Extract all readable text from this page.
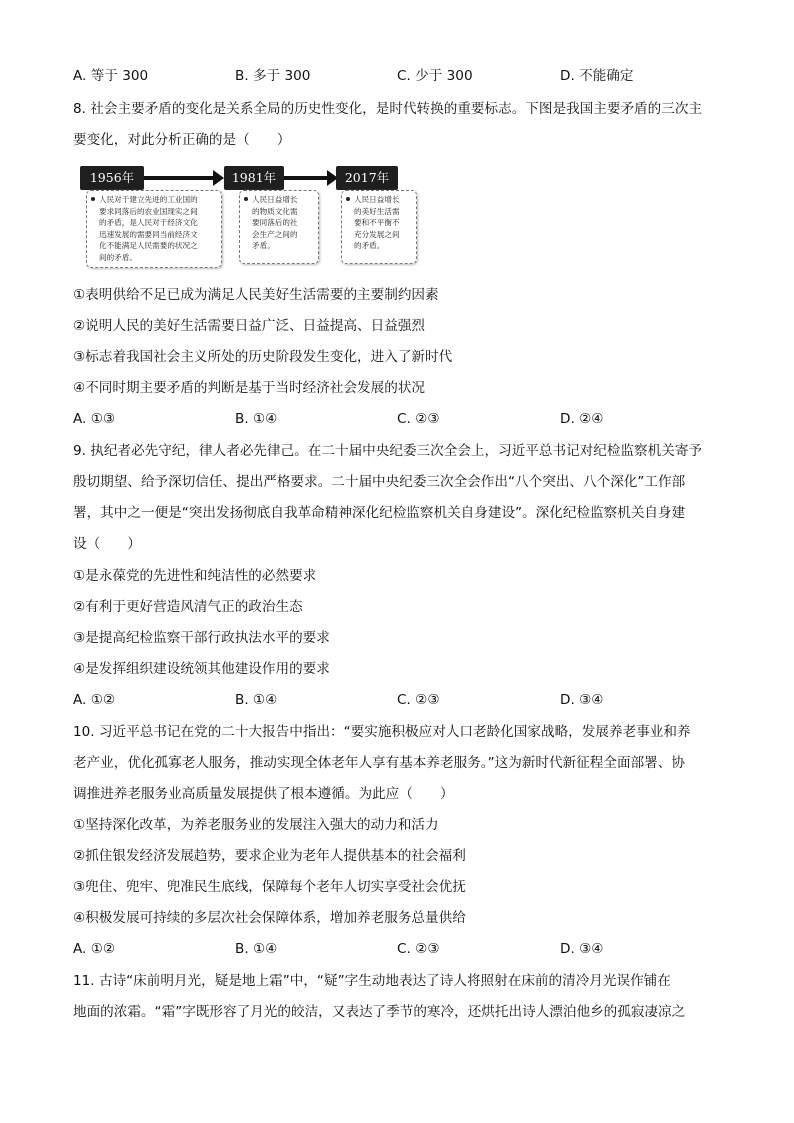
A. 等于 300	B. 多于 300	C. 少于 300	D. 不能确定
8. 社会主要矛盾的变化是关系全局的历史性变化，是时代转换的重要标志。下图是我国主要矛盾的三次主
要变化，对此分析正确的是（　　）
1956年	1981年	2017年
人民对于建立先进的工业国的
要求同落后的农业国现实之间
的矛盾，是人民对于经济文化
迅速发展的需要同当前经济文
化不能满足人民需要的状况之
间的矛盾。
人民日益增长
的物质文化需
要同落后的社
会生产之间的
矛盾。
人民日益增长
的美好生活需
要和不平衡不
充分发展之间
的矛盾。
①表明供给不足已成为满足人民美好生活需要的主要制约因素
②说明人民的美好生活需要日益广泛、日益提高、日益强烈
③标志着我国社会主义所处的历史阶段发生变化，进入了新时代
④不同时期主要矛盾的判断是基于当时经济社会发展的状况
A. ①③	B. ①④	C. ②③	D. ②④
9. 执纪者必先守纪，律人者必先律己。在二十届中央纪委三次全会上，习近平总书记对纪检监察机关寄予
殷切期望、给予深切信任、提出严格要求。二十届中央纪委三次全会作出“八个突出、八个深化”工作部
署，其中之一便是“突出发扬彻底自我革命精神深化纪检监察机关自身建设”。深化纪检监察机关自身建
设（　　）
①是永葆党的先进性和纯洁性的必然要求
②有利于更好营造风清气正的政治生态
③是提高纪检监察干部行政执法水平的要求
④是发挥组织建设统领其他建设作用的要求
A. ①②	B. ①④	C. ②③	D. ③④
10. 习近平总书记在党的二十大报告中指出：“要实施积极应对人口老龄化国家战略，发展养老事业和养
老产业，优化孤寡老人服务，推动实现全体老年人享有基本养老服务。”这为新时代新征程全面部署、协
调推进养老服务业高质量发展提供了根本遵循。为此应（　　）
①坚持深化改革，为养老服务业的发展注入强大的动力和活力
②抓住银发经济发展趋势，要求企业为老年人提供基本的社会福利
③兜住、兜牢、兜准民生底线，保障每个老年人切实享受社会优抚
④积极发展可持续的多层次社会保障体系，增加养老服务总量供给
A. ①②	B. ①④	C. ②③	D. ③④
11. 古诗“床前明月光，疑是地上霜”中，“疑”字生动地表达了诗人将照射在床前的清冷月光误作铺在
地面的浓霜。“霜”字既形容了月光的皎洁，又表达了季节的寒冷，还烘托出诗人漂泊他乡的孤寂凄凉之
